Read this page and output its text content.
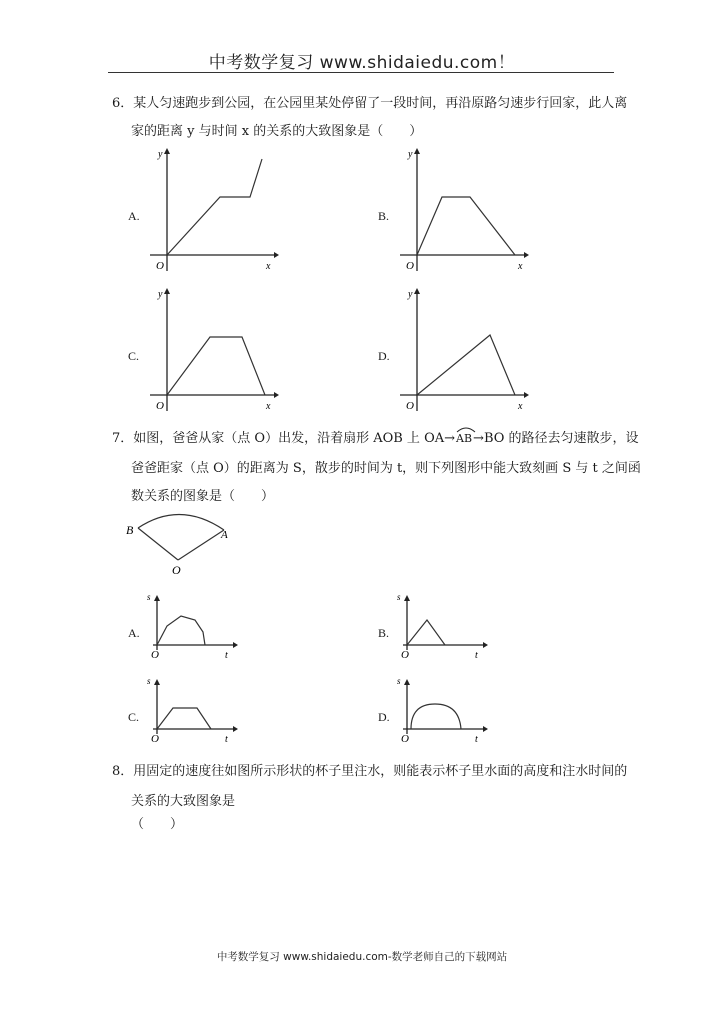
中考数学复习 www.shidaiedu.com！
6．某人匀速跑步到公园，在公园里某处停留了一段时间，再沿原路匀速步行回家，此人离
家的距离 y 与时间 x 的关系的大致图象是（　　）
A.
O	x
y
B.
O	x
y
C.
O	x
y
D.
O	x
y
7．如图，爸爸从家（点 O）出发，沿着扇形 AOB 上 OA→
AB→BO 的路径去匀速散步，设
爸爸距家（点 O）的距离为 S，散步的时间为 t，则下列图形中能大致刻画 S 与 t 之间函
数关系的图象是（　　）
B	A
O
A.
O	t
s
B.
O	t
s
C.
O	t
s
D.
O	t
s
8．用固定的速度往如图所示形状的杯子里注水，则能表示杯子里水面的高度和注水时间的
关系的大致图象是
（　　）
中考数学复习 www.shidaiedu.com-数学老师自己的下载网站
